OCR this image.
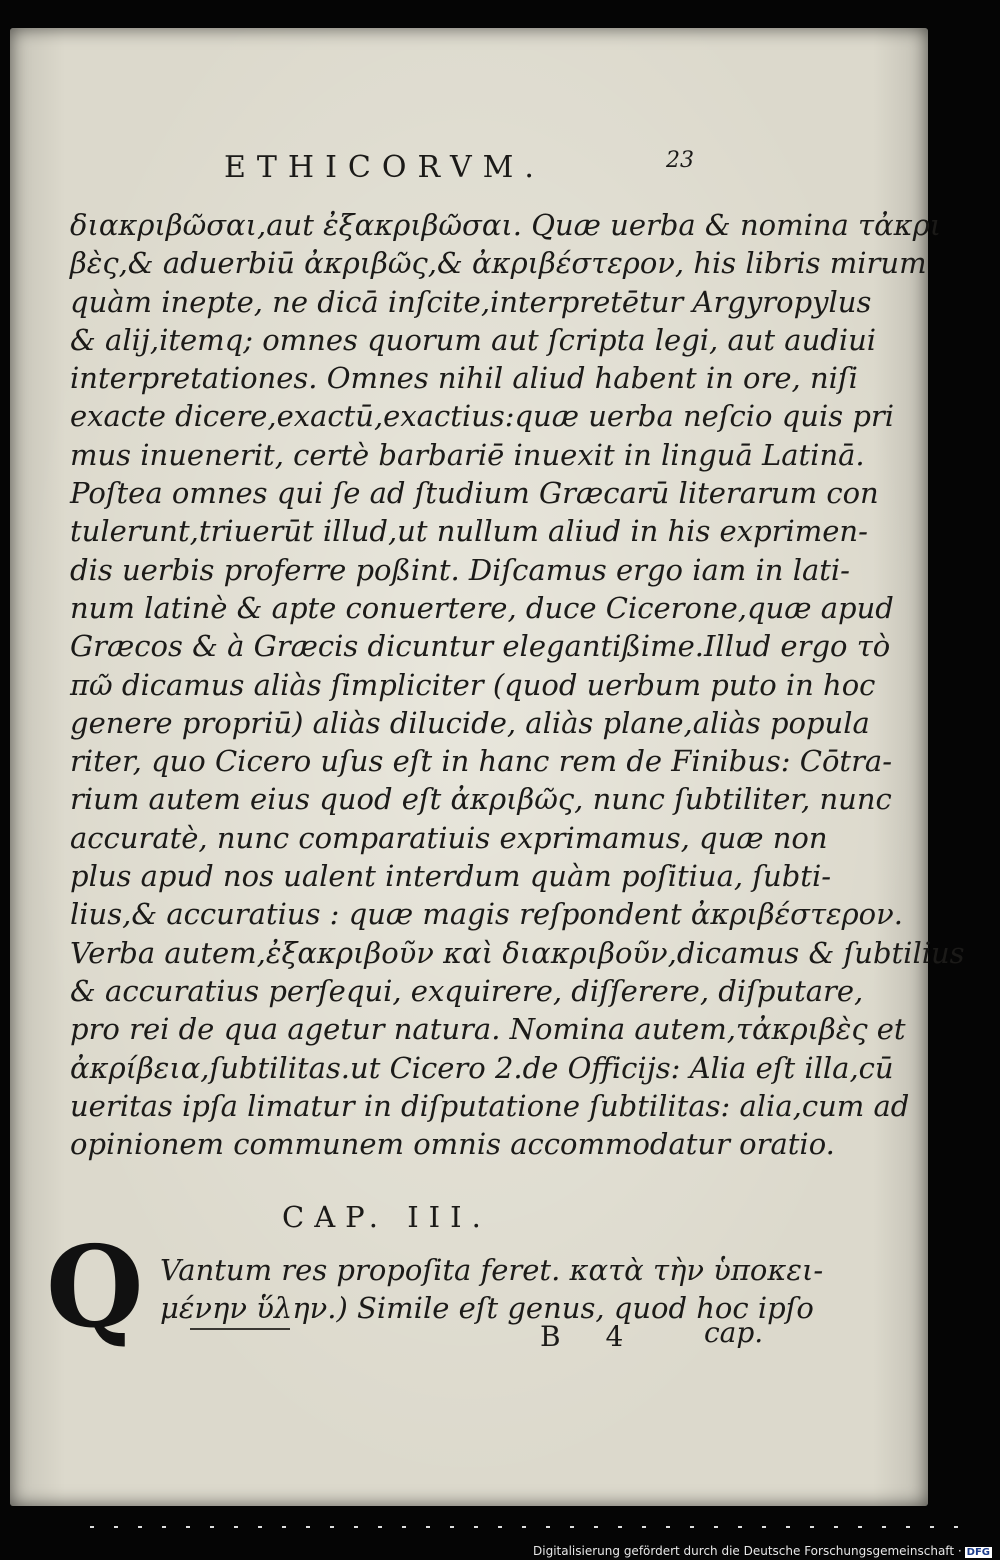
ETHICORVM.	23
διακριβῶσαι,aut ἐξακριβῶσαι. Quæ uerba & nomina τἀκρι
βὲς,& aduerbiū ἀκριβῶς,& ἀκριβέστερον, his libris mirum
quàm inepte, ne dicā inſcite,interpretētur Argyropylus
& alij,itemq; omnes quorum aut ſcripta legi, aut audiui
interpretationes. Omnes nihil aliud habent in ore, niſi
exacte dicere,exactū,exactius:quæ uerba neſcio quis pri
mus inuenerit, certè barbariē inuexit in linguā Latinā.
Poſtea omnes qui ſe ad ſtudium Græcarū literarum con
tulerunt,triuerūt illud,ut nullum aliud in his exprimen-
dis uerbis proferre poßint. Diſcamus ergo iam in lati-
num latinè & apte conuertere, duce Cicerone,quæ apud
Græcos & à Græcis dicuntur elegantißime.Illud ergo τὸ
πῶ dicamus aliàs ſimpliciter (quod uerbum puto in hoc
genere propriū) aliàs dilucide, aliàs plane,aliàs popula
riter, quo Cicero uſus eſt in hanc rem de Finibus: Cōtra-
rium autem eius quod eſt ἀκριβῶς, nunc ſubtiliter, nunc
accuratè, nunc comparatiuis exprimamus, quæ non
plus apud nos ualent interdum quàm poſitiua, ſubti-
lius,& accuratius : quæ magis reſpondent ἀκριβέστερον.
Verba autem,ἐξακριβοῦν καὶ διακριβοῦν,dicamus & ſubtilius
& accuratius perſequi, exquirere, diſſerere, diſputare,
pro rei de qua agetur natura. Nomina autem,τἀκριβὲς et
ἀκρίβεια,ſubtilitas.ut Cicero 2.de Officijs: Alia eſt illa,cū
ueritas ipſa limatur in diſputatione ſubtilitas: alia,cum ad
opinionem communem omnis accommodatur oratio.
CAP. III.
Q Vantum res propoſita feret. κατὰ τὴν ὑποκει-
μένην ὕλην.) Simile eſt genus, quod hoc ipſo
B 4 cap.
Digitalisierung gefördert durch die Deutsche Forschungsgemeinschaft · DFG
